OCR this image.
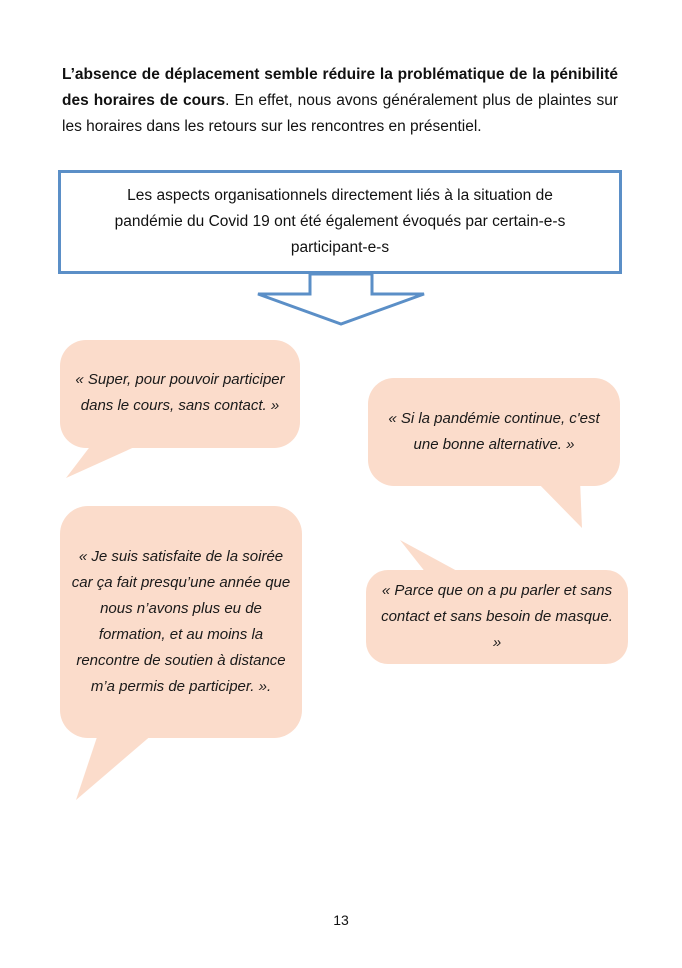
L’absence de déplacement semble réduire la problématique de la pénibilité des horaires de cours. En effet, nous avons généralement plus de plaintes sur les horaires dans les retours sur les rencontres en présentiel.

Les aspects organisationnels directement liés à la situation de pandémie du Covid 19 ont été également évoqués par certain-e-s participant-e-s

« Super, pour pouvoir participer dans le cours, sans contact. »

« Si la pandémie continue, c'est une bonne alternative. »

« Je suis satisfaite de la soirée car ça fait presqu’une année que nous n’avons plus eu de formation, et au moins la rencontre de soutien à distance m’a permis de participer. ».

« Parce que on a pu parler et sans contact et sans besoin de masque. »

13
